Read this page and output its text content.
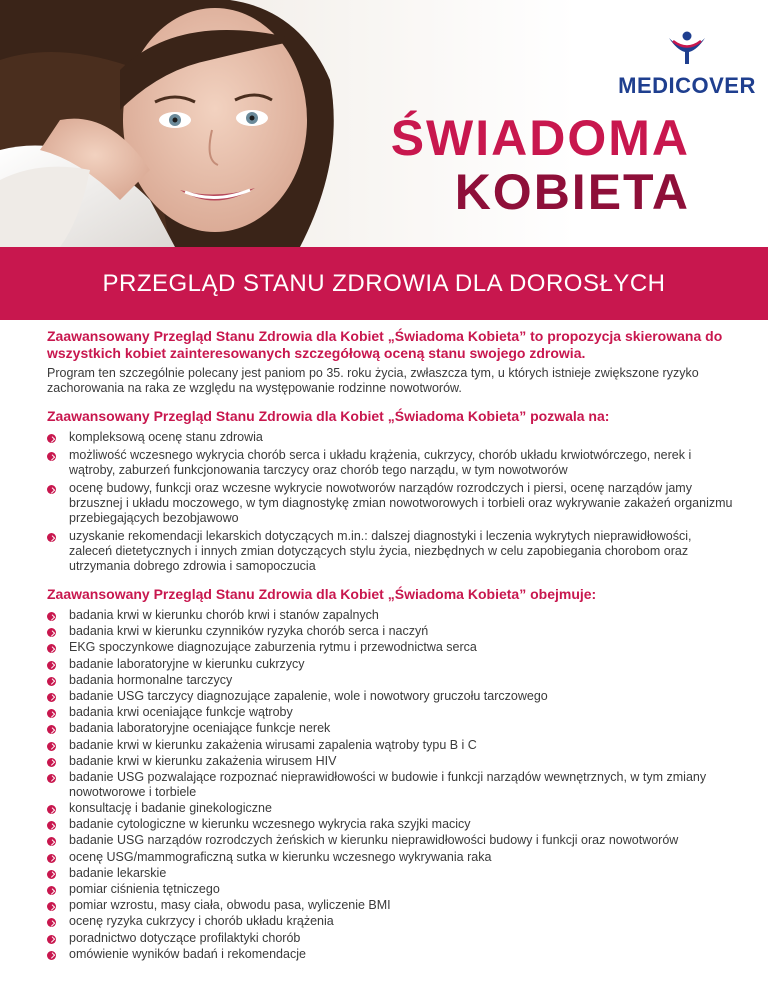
MEDICOVER
ŚWIADOMA
KOBIETA
PRZEGLĄD STANU ZDROWIA DLA DOROSŁYCH

Zaawansowany Przegląd Stanu Zdrowia dla Kobiet „Świadoma Kobieta” to propozycja skierowana do wszystkich kobiet zainteresowanych szczegółową oceną stanu swojego zdrowia.

Program ten szczególnie polecany jest paniom po 35. roku życia, zwłaszcza tym, u których istnieje zwiększone ryzyko zachorowania na raka ze względu na występowanie rodzinne nowotworów.

Zaawansowany Przegląd Stanu Zdrowia dla Kobiet „Świadoma Kobieta” pozwala na:

kompleksową ocenę stanu zdrowia
możliwość wczesnego wykrycia chorób serca i układu krążenia, cukrzycy, chorób układu krwiotwórczego, nerek i wątroby, zaburzeń funkcjonowania tarczycy oraz chorób tego narządu, w tym nowotworów
ocenę budowy, funkcji oraz wczesne wykrycie nowotworów narządów rozrodczych i piersi, ocenę narządów jamy brzusznej i układu moczowego, w tym diagnostykę zmian nowotworowych i torbieli oraz wykrywanie zakażeń organizmu przebiegających bezobjawowo
uzyskanie rekomendacji lekarskich dotyczących m.in.: dalszej diagnostyki i leczenia wykrytych nieprawidłowości, zaleceń dietetycznych i innych zmian dotyczących stylu życia, niezbędnych w celu zapobiegania chorobom oraz utrzymania dobrego zdrowia i samopoczucia

Zaawansowany Przegląd Stanu Zdrowia dla Kobiet „Świadoma Kobieta” obejmuje:

badania krwi w kierunku chorób krwi i stanów zapalnych
badania krwi w kierunku czynników ryzyka chorób serca i naczyń
EKG spoczynkowe diagnozujące zaburzenia rytmu i przewodnictwa serca
badanie laboratoryjne w kierunku cukrzycy
badania hormonalne tarczycy
badanie USG tarczycy diagnozujące zapalenie, wole i nowotwory gruczołu tarczowego
badania krwi oceniające funkcje wątroby
badania laboratoryjne oceniające funkcje nerek
badanie krwi w kierunku zakażenia wirusami zapalenia wątroby typu B i C
badanie krwi w kierunku zakażenia wirusem HIV
badanie USG pozwalające rozpoznać nieprawidłowości w budowie i funkcji narządów wewnętrznych, w tym zmiany nowotworowe i torbiele
konsultację i badanie ginekologiczne
badanie cytologiczne w kierunku wczesnego wykrycia raka szyjki macicy
badanie USG narządów rozrodczych żeńskich w kierunku nieprawidłowości budowy i funkcji oraz nowotworów
ocenę USG/mammograficzną sutka w kierunku wczesnego wykrywania raka
badanie lekarskie
pomiar ciśnienia tętniczego
pomiar wzrostu, masy ciała, obwodu pasa, wyliczenie BMI
ocenę ryzyka cukrzycy i chorób układu krążenia
poradnictwo dotyczące profilaktyki chorób
omówienie wyników badań i rekomendacje
